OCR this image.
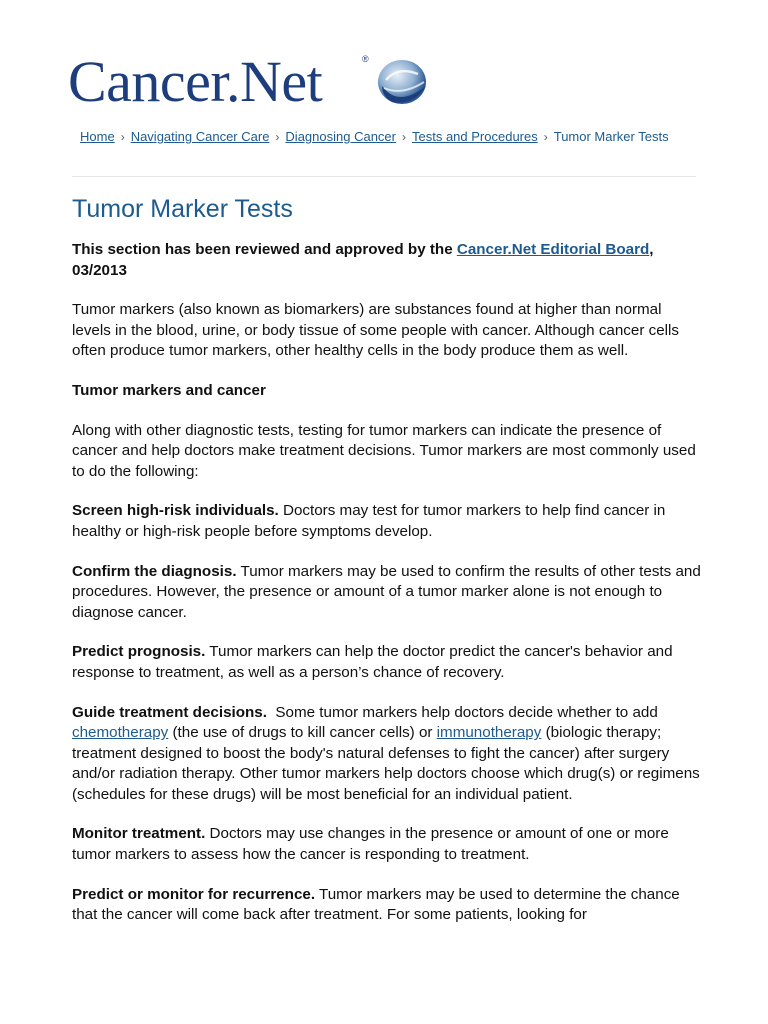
Cancer.Net	®
Home › Navigating Cancer Care › Diagnosing Cancer › Tests and Procedures › Tumor Marker Tests
Tumor Marker Tests

This section has been reviewed and approved by the Cancer.Net Editorial Board, 03/2013

Tumor markers (also known as biomarkers) are substances found at higher than normal levels in the blood, urine, or body tissue of some people with cancer. Although cancer cells often produce tumor markers, other healthy cells in the body produce them as well.

Tumor markers and cancer

Along with other diagnostic tests, testing for tumor markers can indicate the presence of cancer and help doctors make treatment decisions. Tumor markers are most commonly used to do the following:

Screen high-risk individuals. Doctors may test for tumor markers to help find cancer in healthy or high-risk people before symptoms develop.

Confirm the diagnosis. Tumor markers may be used to confirm the results of other tests and procedures. However, the presence or amount of a tumor marker alone is not enough to diagnose cancer.

Predict prognosis. Tumor markers can help the doctor predict the cancer's behavior and response to treatment, as well as a person’s chance of recovery.

Guide treatment decisions.  Some tumor markers help doctors decide whether to add chemotherapy (the use of drugs to kill cancer cells) or immunotherapy (biologic therapy; treatment designed to boost the body's natural defenses to fight the cancer) after surgery and/or radiation therapy. Other tumor markers help doctors choose which drug(s) or regimens (schedules for these drugs) will be most beneficial for an individual patient.

Monitor treatment. Doctors may use changes in the presence or amount of one or more tumor markers to assess how the cancer is responding to treatment.

Predict or monitor for recurrence. Tumor markers may be used to determine the chance that the cancer will come back after treatment. For some patients, looking for
